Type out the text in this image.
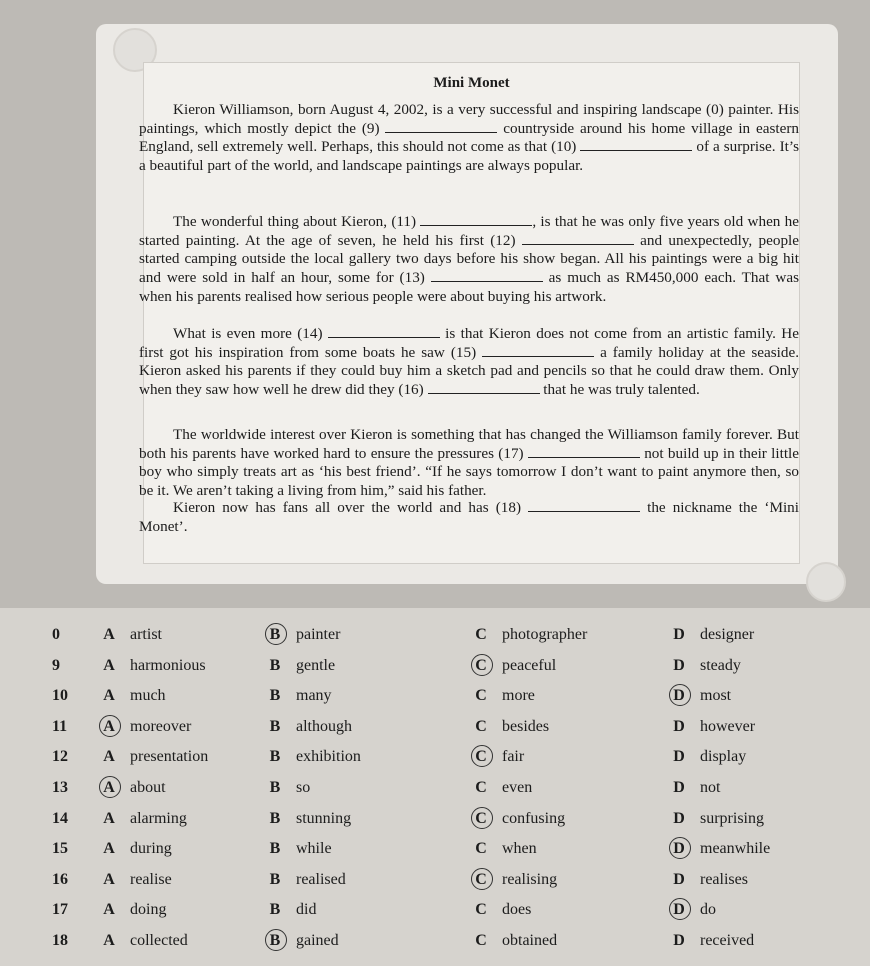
Mini Monet
Kieron Williamson, born August 4, 2002, is a very successful and inspiring landscape (0) painter. His paintings, which mostly depict the (9)	countryside around his home village in eastern England, sell extremely well. Perhaps, this should not come as that (10)	of a surprise. It’s a beautiful part of the world, and landscape paintings are always popular.
The wonderful thing about Kieron, (11)	, is that he was only five years old when he started painting. At the age of seven, he held his first (12)	and unexpectedly, people started camping outside the local gallery two days before his show began. All his paintings were a big hit and were sold in half an hour, some for (13)	as much as RM450,000 each. That was when his parents realised how serious people were about buying his artwork.
What is even more (14)	is that Kieron does not come from an artistic family. He first got his inspiration from some boats he saw (15)	a family holiday at the seaside. Kieron asked his parents if they could buy him a sketch pad and pencils so that he could draw them. Only when they saw how well he drew did they (16)	that he was truly talented.
The worldwide interest over Kieron is something that has changed the Williamson family forever. But both his parents have worked hard to ensure the pressures (17)	not build up in their little boy who simply treats art as ‘his best friend’. “If he says tomorrow I don’t want to paint anymore then, so be it. We aren’t taking a living from him,” said his father.
Kieron now has fans all over the world and has (18)	the nickname the ‘Mini Monet’.
0	A artist	B painter	C photographer	D designer
9	A harmonious	B gentle	C peaceful	D steady
10	A much	B many	C more	D most
11	A moreover	B although	C besides	D however
12	A presentation	B exhibition	C fair	D display
13	A about	B so	C even	D not
14	A alarming	B stunning	C confusing	D surprising
15	A during	B while	C when	D meanwhile
16	A realise	B realised	C realising	D realises
17	A doing	B did	C does	D do
18	A collected	B gained	C obtained	D received
